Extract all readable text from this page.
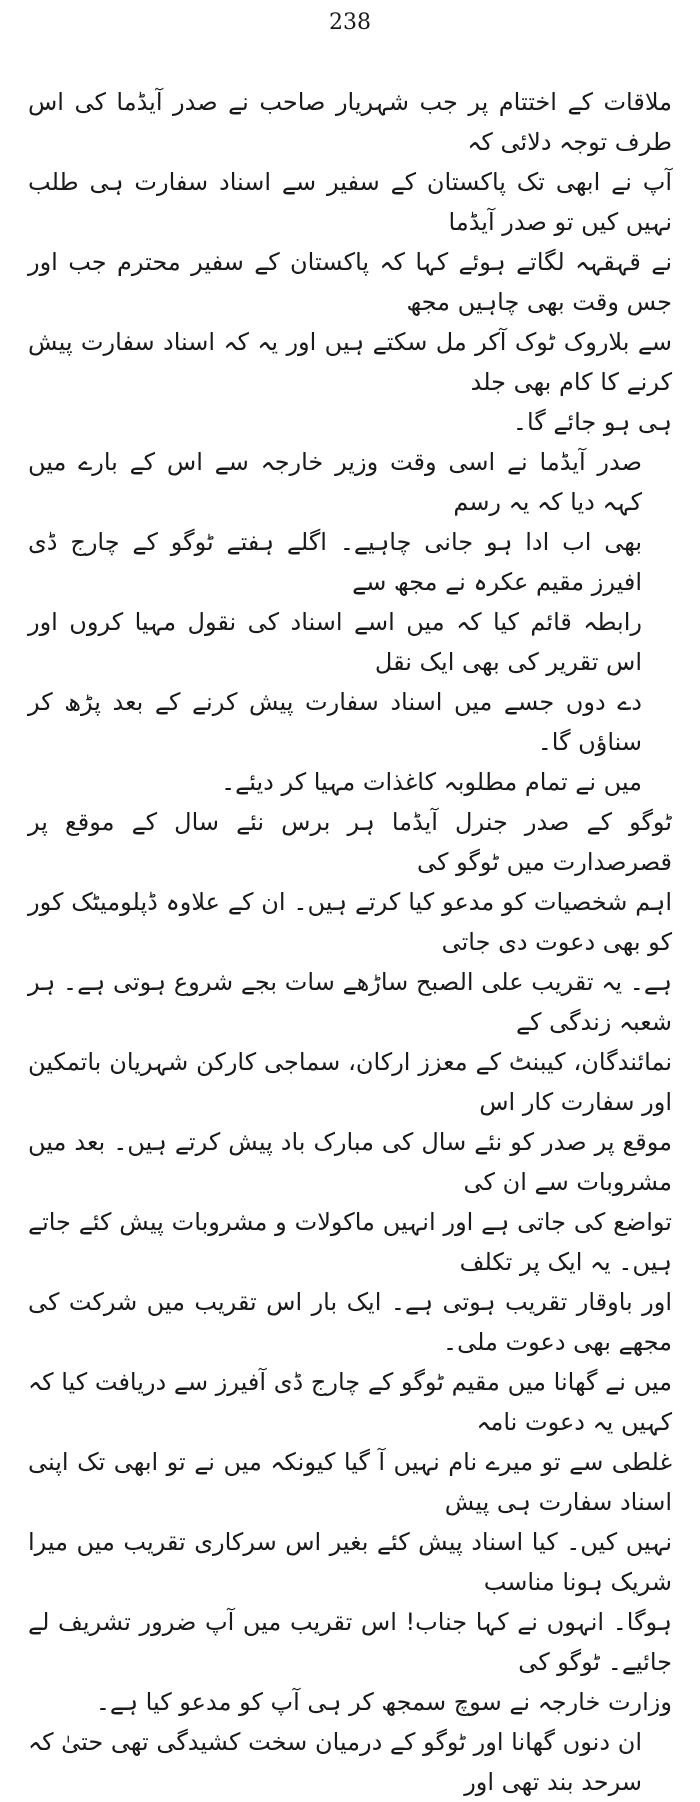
238

ملاقات کے اختتام پر جب شہریار صاحب نے صدر آیڈما کی اس طرف توجہ دلائی کہ
آپ نے ابھی تک پاکستان کے سفیر سے اسناد سفارت ہی طلب نہیں کیں تو صدر آیڈما
نے قہقہہ لگاتے ہوئے کہا کہ پاکستان کے سفیر محترم جب اور جس وقت بھی چاہیں مجھ
سے بلاروک ٹوک آکر مل سکتے ہیں اور یہ کہ اسناد سفارت پیش کرنے کا کام بھی جلد
ہی ہو جائے گا۔

صدر آیڈما نے اسی وقت وزیر خارجہ سے اس کے بارے میں کہہ دیا کہ یہ رسم
بھی اب ادا ہو جانی چاہیے۔ اگلے ہفتے ٹوگو کے چارج ڈی افیرز مقیم عکرہ نے مجھ سے
رابطہ قائم کیا کہ میں اسے اسناد کی نقول مہیا کروں اور اس تقریر کی بھی ایک نقل
دے دوں جسے میں اسناد سفارت پیش کرنے کے بعد پڑھ کر سناؤں گا۔

میں نے تمام مطلوبہ کاغذات مہیا کر دیئے۔

ٹوگو کے صدر جنرل آیڈما ہر برس نئے سال کے موقع پر قصرصدارت میں ٹوگو کی
اہم شخصیات کو مدعو کیا کرتے ہیں۔ ان کے علاوہ ڈپلومیٹک کور کو بھی دعوت دی جاتی
ہے۔ یہ تقریب علی الصبح ساڑھے سات بجے شروع ہوتی ہے۔ ہر شعبہ زندگی کے
نمائندگان، کیبنٹ کے معزز ارکان، سماجی کارکن شہریان باتمکین اور سفارت کار اس
موقع پر صدر کو نئے سال کی مبارک باد پیش کرتے ہیں۔ بعد میں مشروبات سے ان کی
تواضع کی جاتی ہے اور انہیں ماکولات و مشروبات پیش کئے جاتے ہیں۔ یہ ایک پر تکلف
اور باوقار تقریب ہوتی ہے۔ ایک بار اس تقریب میں شرکت کی مجھے بھی دعوت ملی۔

میں نے گھانا میں مقیم ٹوگو کے چارج ڈی آفیرز سے دریافت کیا کہ کہیں یہ دعوت نامہ
غلطی سے تو میرے نام نہیں آ گیا کیونکہ میں نے تو ابھی تک اپنی اسناد سفارت ہی پیش
نہیں کیں۔ کیا اسناد پیش کئے بغیر اس سرکاری تقریب میں میرا شریک ہونا مناسب
ہوگا۔ انہوں نے کہا جناب! اس تقریب میں آپ ضرور تشریف لے جائیے۔ ٹوگو کی
وزارت خارجہ نے سوچ سمجھ کر ہی آپ کو مدعو کیا ہے۔

ان دنوں گھانا اور ٹوگو کے درمیان سخت کشیدگی تھی حتیٰ کہ سرحد بند تھی اور
